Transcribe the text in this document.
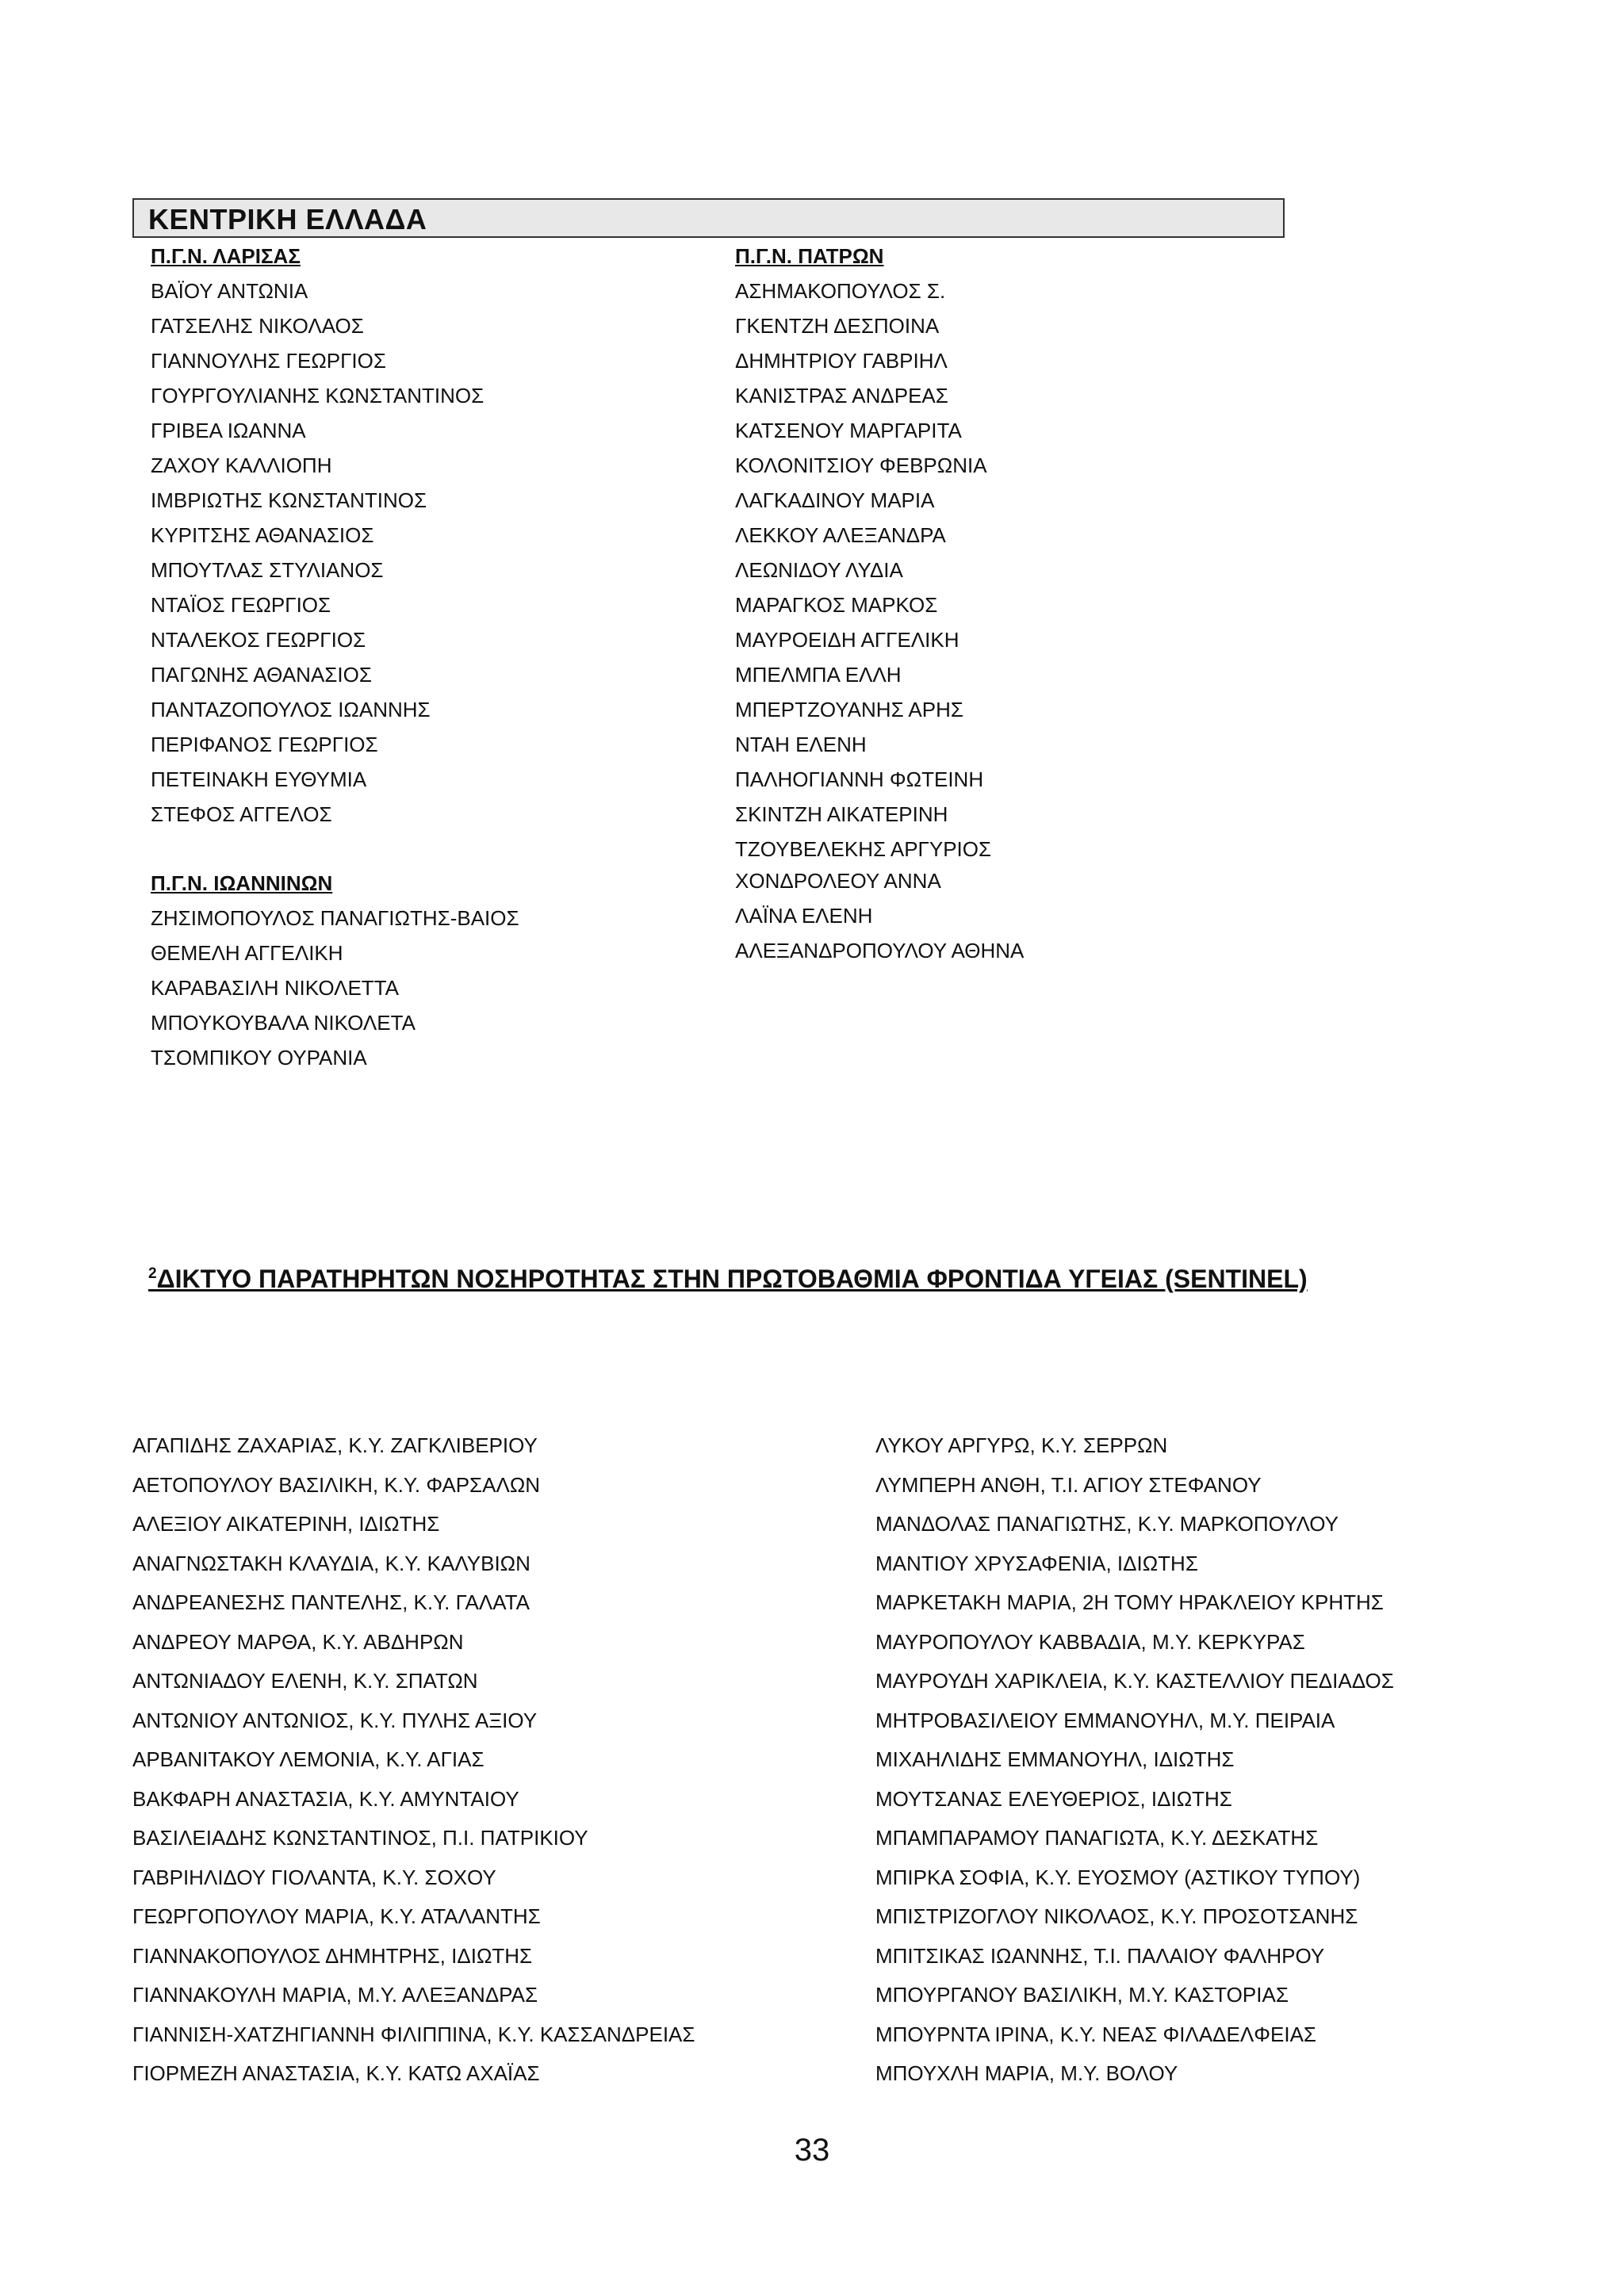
ΚΕΝΤΡΙΚΗ ΕΛΛΑΔΑ
Π.Γ.Ν. ΛΑΡΙΣΑΣ
ΒΑΪΟΥ ΑΝΤΩΝΙΑ
ΓΑΤΣΕΛΗΣ ΝΙΚΟΛΑΟΣ
ΓΙΑΝΝΟΥΛΗΣ ΓΕΩΡΓΙΟΣ
ΓΟΥΡΓΟΥΛΙΑΝΗΣ ΚΩΝΣΤΑΝΤΙΝΟΣ
ΓΡΙΒΕΑ ΙΩΑΝΝΑ
ΖΑΧΟΥ ΚΑΛΛΙΟΠΗ
ΙΜΒΡΙΩΤΗΣ ΚΩΝΣΤΑΝΤΙΝΟΣ
ΚΥΡΙΤΣΗΣ ΑΘΑΝΑΣΙΟΣ
ΜΠΟΥΤΛΑΣ ΣΤΥΛΙΑΝΟΣ
ΝΤΑΪΟΣ ΓΕΩΡΓΙΟΣ
ΝΤΑΛΕΚΟΣ ΓΕΩΡΓΙΟΣ
ΠΑΓΩΝΗΣ ΑΘΑΝΑΣΙΟΣ
ΠΑΝΤΑΖΟΠΟΥΛΟΣ ΙΩΑΝΝΗΣ
ΠΕΡΙΦΑΝΟΣ ΓΕΩΡΓΙΟΣ
ΠΕΤΕΙΝΑΚΗ ΕΥΘΥΜΙΑ
ΣΤΕΦΟΣ ΑΓΓΕΛΟΣ
Π.Γ.Ν. ΙΩΑΝΝΙΝΩΝ
ΖΗΣΙΜΟΠΟΥΛΟΣ ΠΑΝΑΓΙΩΤΗΣ-ΒΑΙΟΣ
ΘΕΜΕΛΗ ΑΓΓΕΛΙΚΗ
ΚΑΡΑΒΑΣΙΛΗ ΝΙΚΟΛΕΤΤΑ
ΜΠΟΥΚΟΥΒΑΛΑ ΝΙΚΟΛΕΤΑ
ΤΣΟΜΠΙΚΟΥ ΟΥΡΑΝΙΑ
Π.Γ.Ν. ΠΑΤΡΩΝ
ΑΣΗΜΑΚΟΠΟΥΛΟΣ Σ.
ΓΚΕΝΤΖΗ ΔΕΣΠΟΙΝΑ
ΔΗΜΗΤΡΙΟΥ ΓΑΒΡΙΗΛ
ΚΑΝΙΣΤΡΑΣ ΑΝΔΡΕΑΣ
ΚΑΤΣΕΝΟΥ ΜΑΡΓΑΡΙΤΑ
ΚΟΛΟΝΙΤΣΙΟΥ ΦΕΒΡΩΝΙΑ
ΛΑΓΚΑΔΙΝΟΥ ΜΑΡΙΑ
ΛΕΚΚΟΥ ΑΛΕΞΑΝΔΡΑ
ΛΕΩΝΙΔΟΥ ΛΥΔΙΑ
ΜΑΡΑΓΚΟΣ ΜΑΡΚΟΣ
ΜΑΥΡΟΕΙΔΗ ΑΓΓΕΛΙΚΗ
ΜΠΕΛΜΠΑ ΕΛΛΗ
ΜΠΕΡΤΖΟΥΑΝΗΣ ΑΡΗΣ
ΝΤΑΗ ΕΛΕΝΗ
ΠΑΛΗΟΓΙΑΝΝΗ ΦΩΤΕΙΝΗ
ΣΚΙΝΤΖΗ ΑΙΚΑΤΕΡΙΝΗ
ΤΖΟΥΒΕΛΕΚΗΣ ΑΡΓΥΡΙΟΣ
ΧΟΝΔΡΟΛΕΟΥ ΑΝΝΑ
ΛΑΪΝΑ ΕΛΕΝΗ
ΑΛΕΞΑΝΔΡΟΠΟΥΛΟΥ ΑΘΗΝΑ
$^2$ΔΙΚΤΥΟ ΠΑΡΑΤΗΡΗΤΩΝ ΝΟΣΗΡΟΤΗΤΑΣ ΣΤΗΝ ΠΡΩΤΟΒΑΘΜΙΑ ΦΡΟΝΤΙΔΑ ΥΓΕΙΑΣ (SENTINEL)
ΑΓΑΠΙΔΗΣ ΖΑΧΑΡΙΑΣ, Κ.Υ. ΖΑΓΚΛΙΒΕΡΙΟΥ
ΑΕΤΟΠΟΥΛΟΥ ΒΑΣΙΛΙΚΗ, Κ.Υ. ΦΑΡΣΑΛΩΝ
ΑΛΕΞΙΟΥ ΑΙΚΑΤΕΡΙΝΗ, ΙΔΙΩΤΗΣ
ΑΝΑΓΝΩΣΤΑΚΗ ΚΛΑΥΔΙΑ, Κ.Υ. ΚΑΛΥΒΙΩΝ
ΑΝΔΡΕΑΝΕΣΗΣ ΠΑΝΤΕΛΗΣ, Κ.Υ. ΓΑΛΑΤΑ
ΑΝΔΡΕΟΥ ΜΑΡΘΑ, Κ.Υ. ΑΒΔΗΡΩΝ
ΑΝΤΩΝΙΑΔΟΥ ΕΛΕΝΗ, Κ.Υ. ΣΠΑΤΩΝ
ΑΝΤΩΝΙΟΥ ΑΝΤΩΝΙΟΣ, Κ.Υ. ΠΥΛΗΣ ΑΞΙΟΥ
ΑΡΒΑΝΙΤΑΚΟΥ ΛΕΜΟΝΙΑ, Κ.Υ. ΑΓΙΑΣ
ΒΑΚΦΑΡΗ ΑΝΑΣΤΑΣΙΑ, Κ.Υ. ΑΜΥΝΤΑΙΟΥ
ΒΑΣΙΛΕΙΑΔΗΣ ΚΩΝΣΤΑΝΤΙΝΟΣ, Π.Ι. ΠΑΤΡΙΚΙΟΥ
ΓΑΒΡΙΗΛΙΔΟΥ ΓΙΟΛΑΝΤΑ, Κ.Υ. ΣΟΧΟΥ
ΓΕΩΡΓΟΠΟΥΛΟΥ ΜΑΡΙΑ, Κ.Υ. ΑΤΑΛΑΝΤΗΣ
ΓΙΑΝΝΑΚΟΠΟΥΛΟΣ ΔΗΜΗΤΡΗΣ, ΙΔΙΩΤΗΣ
ΓΙΑΝΝΑΚΟΥΛΗ ΜΑΡΙΑ, Μ.Υ. ΑΛΕΞΑΝΔΡΑΣ
ΓΙΑΝΝΙΣΗ-ΧΑΤΖΗΓΙΑΝΝΗ ΦΙΛΙΠΠΙΝΑ, Κ.Υ. ΚΑΣΣΑΝΔΡΕΙΑΣ
ΓΙΟΡΜΕΖΗ ΑΝΑΣΤΑΣΙΑ, Κ.Υ. ΚΑΤΩ ΑΧΑΪΑΣ
ΛΥΚΟΥ ΑΡΓΥΡΩ, Κ.Υ. ΣΕΡΡΩΝ
ΛΥΜΠΕΡΗ ΑΝΘΗ, Τ.Ι. ΑΓΙΟΥ ΣΤΕΦΑΝΟΥ
ΜΑΝΔΟΛΑΣ ΠΑΝΑΓΙΩΤΗΣ, Κ.Υ. ΜΑΡΚΟΠΟΥΛΟΥ
ΜΑΝΤΙΟΥ ΧΡΥΣΑΦΕΝΙΑ, ΙΔΙΩΤΗΣ
ΜΑΡΚΕΤΑΚΗ ΜΑΡΙΑ, 2Η ΤΟΜΥ ΗΡΑΚΛΕΙΟΥ ΚΡΗΤΗΣ
ΜΑΥΡΟΠΟΥΛΟΥ ΚΑΒΒΑΔΙΑ, Μ.Υ. ΚΕΡΚΥΡΑΣ
ΜΑΥΡΟΥΔΗ ΧΑΡΙΚΛΕΙΑ, Κ.Υ. ΚΑΣΤΕΛΛΙΟΥ ΠΕΔΙΑΔΟΣ
ΜΗΤΡΟΒΑΣΙΛΕΙΟΥ ΕΜΜΑΝΟΥΗΛ, Μ.Υ. ΠΕΙΡΑΙΑ
ΜΙΧΑΗΛΙΔΗΣ ΕΜΜΑΝΟΥΗΛ, ΙΔΙΩΤΗΣ
ΜΟΥΤΣΑΝΑΣ ΕΛΕΥΘΕΡΙΟΣ, ΙΔΙΩΤΗΣ
ΜΠΑΜΠΑΡΑΜΟΥ ΠΑΝΑΓΙΩΤΑ, Κ.Υ. ΔΕΣΚΑΤΗΣ
ΜΠΙΡΚΑ ΣΟΦΙΑ, Κ.Υ. ΕΥΟΣΜΟΥ (ΑΣΤΙΚΟΥ ΤΥΠΟΥ)
ΜΠΙΣΤΡΙΖΟΓΛΟΥ ΝΙΚΟΛΑΟΣ, Κ.Υ. ΠΡΟΣΟΤΣΑΝΗΣ
ΜΠΙΤΣΙΚΑΣ ΙΩΑΝΝΗΣ, Τ.Ι. ΠΑΛΑΙΟΥ ΦΑΛΗΡΟΥ
ΜΠΟΥΡΓΑΝΟΥ ΒΑΣΙΛΙΚΗ, Μ.Υ. ΚΑΣΤΟΡΙΑΣ
ΜΠΟΥΡΝΤΑ ΙΡΙΝΑ, Κ.Υ. ΝΕΑΣ ΦΙΛΑΔΕΛΦΕΙΑΣ
ΜΠΟΥΧΛΗ ΜΑΡΙΑ, Μ.Υ. ΒΟΛΟΥ
33
